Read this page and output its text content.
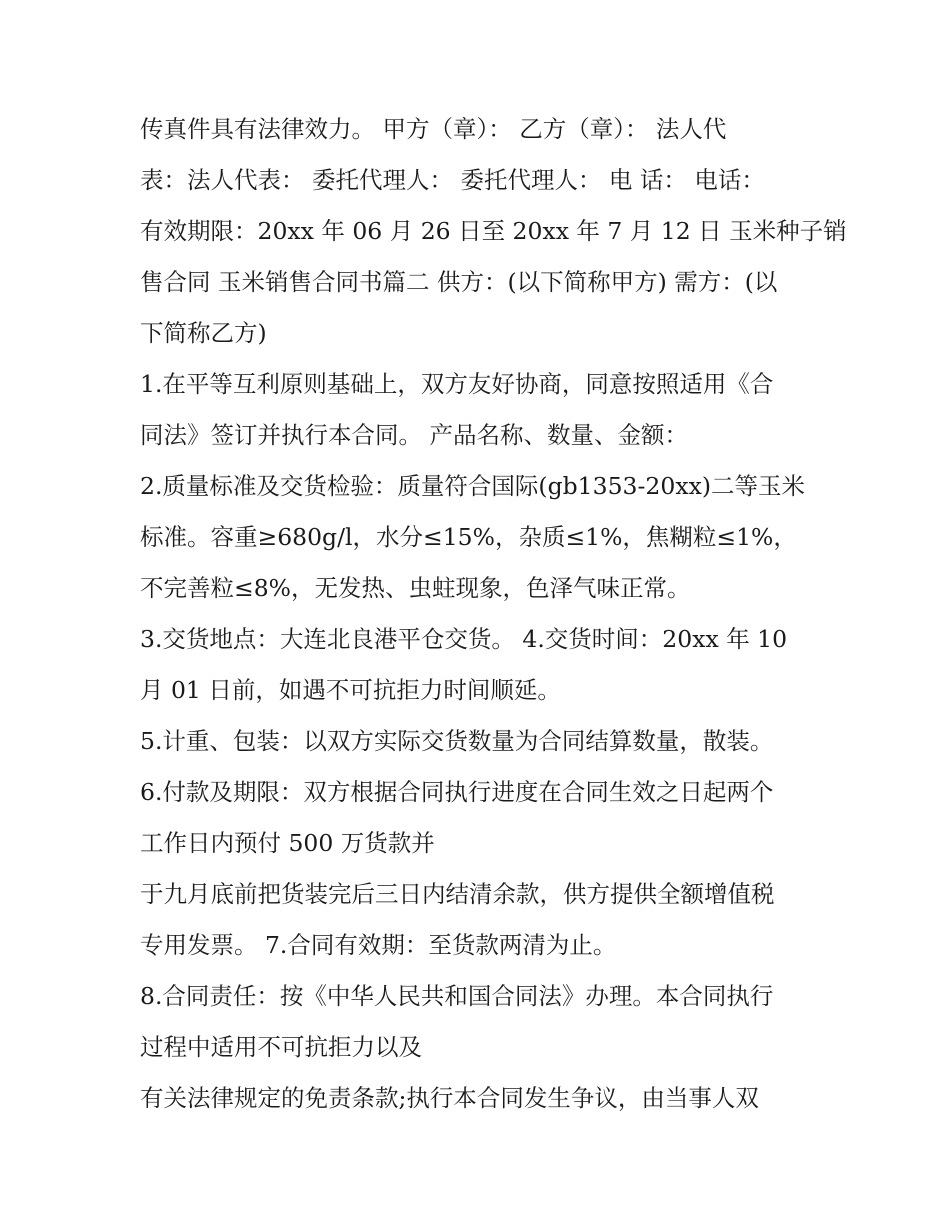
传真件具有法律效力。 甲方（章）： 乙方（章）： 法人代
表：法人代表： 委托代理人： 委托代理人： 电 话： 电话：
有效期限：20xx 年 06 月 26 日至 20xx 年 7 月 12 日 玉米种子销
售合同 玉米销售合同书篇二 供方：(以下简称甲方) 需方：(以
下简称乙方)
1.在平等互利原则基础上，双方友好协商，同意按照适用《合
同法》签订并执行本合同。 产品名称、数量、金额：
2.质量标准及交货检验：质量符合国际(gb1353-20xx)二等玉米
标准。容重≥680g/l，水分≤15%，杂质≤1%，焦糊粒≤1%，
不完善粒≤8%，无发热、虫蛀现象，色泽气味正常。
3.交货地点：大连北良港平仓交货。 4.交货时间：20xx 年 10
月 01 日前，如遇不可抗拒力时间顺延。
5.计重、包装：以双方实际交货数量为合同结算数量，散装。
6.付款及期限：双方根据合同执行进度在合同生效之日起两个
工作日内预付 500 万货款并
于九月底前把货装完后三日内结清余款，供方提供全额增值税
专用发票。 7.合同有效期：至货款两清为止。
8.合同责任：按《中华人民共和国合同法》办理。本合同执行
过程中适用不可抗拒力以及
有关法律规定的免责条款;执行本合同发生争议，由当事人双
